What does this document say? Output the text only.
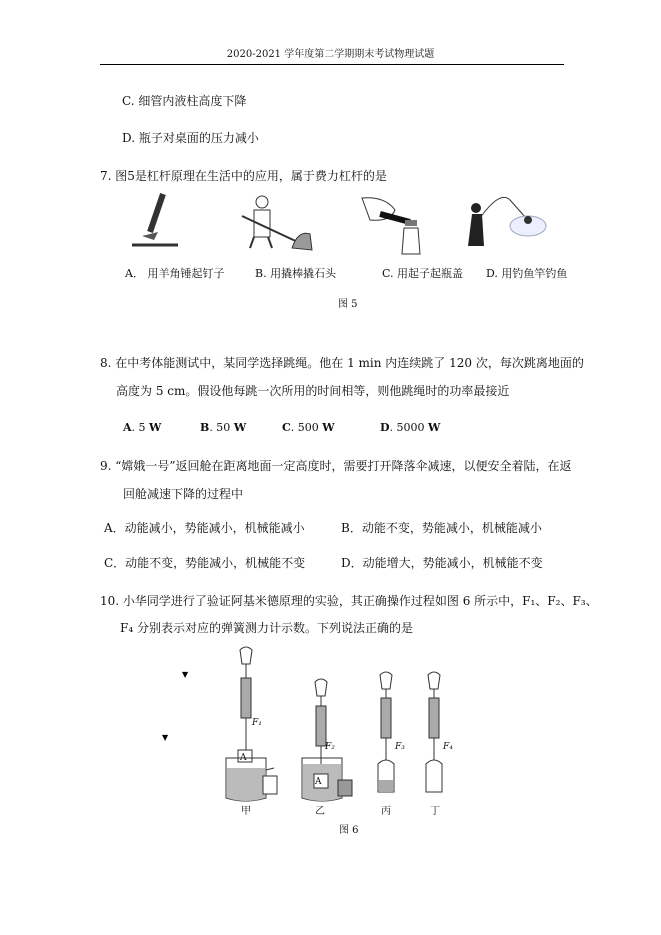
2020-2021 学年度第二学期期末考试物理试题
C. 细管内液柱高度下降
D. 瓶子对桌面的压力减小
7. 图5是杠杆原理在生活中的应用，属于费力杠杆的是
A． 用羊角锤起钉子	B. 用撬棒撬石头	C. 用起子起瓶盖 D. 用钓鱼竿钓鱼
图 5
8. 在中考体能测试中，某同学选择跳绳。他在 1 min 内连续跳了 120 次，每次跳离地面的
高度为 5 cm。假设他每跳一次所用的时间相等，则他跳绳时的功率最接近
A. 5 W	B. 50 W	C. 500 W	D. 5000 W
9. “嫦娥一号”返回舱在距离地面一定高度时，需要打开降落伞减速，以便安全着陆，在返
回舱减速下降的过程中
A．动能减小，势能减小，机械能减小	B．动能不变，势能减小，机械能减小
C．动能不变，势能减小，机械能不变	D．动能增大，势能减小，机械能不变
10. 小华同学进行了验证阿基米德原理的实验，其正确操作过程如图 6 所示中，F₁、F₂、F₃、
F₄ 分别表示对应的弹簧测力计示数。下列说法正确的是
▼
▼
F₁
F₂	F₃	F₄
A
A
甲	乙	丙	丁
图 6
